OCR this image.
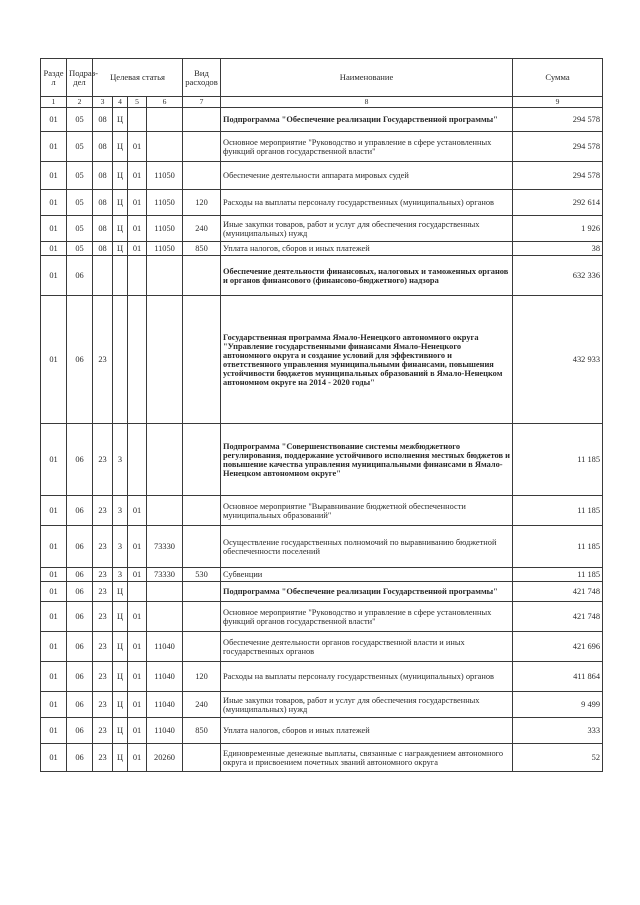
Разде л	Подраз-дел	Целевая статья				Вид расходов	Наименование	Сумма
1	2	3	4	5	6	7	8	9
01	05	08	Ц				Подпрограмма "Обеспечение реализации Государственной программы"	294 578
01	05	08	Ц	01			Основное мероприятие "Руководство и управление в сфере установленных функций органов государственной власти"	294 578
01	05	08	Ц	01	11050		Обеспечение деятельности аппарата мировых судей	294 578
01	05	08	Ц	01	11050	120	Расходы на выплаты персоналу государственных (муниципальных) органов	292 614
01	05	08	Ц	01	11050	240	Иные закупки товаров, работ и услуг для обеспечения государственных (муниципальных) нужд	1 926
01	05	08	Ц	01	11050	850	Уплата налогов, сборов и иных платежей	38
01	06						Обеспечение деятельности финансовых, налоговых и таможенных органов и органов финансового (финансово-бюджетного) надзора	632 336
01	06	23					Государственная программа Ямало-Ненецкого автономного округа "Управление государственными финансами Ямало-Ненецкого автономного округа и создание условий для эффективного и ответственного управления муниципальными финансами, повышения устойчивости бюджетов муниципальных образований в Ямало-Ненецком автономном округе на 2014 - 2020 годы"	432 933
01	06	23	3				Подпрограмма "Совершенствование системы межбюджетного регулирования, поддержание устойчивого исполнения местных бюджетов и повышение качества управления муниципальными финансами в Ямало-Ненецком автономном округе"	11 185
01	06	23	3	01			Основное мероприятие "Выравнивание бюджетной обеспеченности муниципальных образований"	11 185
01	06	23	3	01	73330		Осуществление государственных полномочий по выравниванию бюджетной обеспеченности поселений	11 185
01	06	23	3	01	73330	530	Субвенции	11 185
01	06	23	Ц				Подпрограмма "Обеспечение реализации Государственной программы"	421 748
01	06	23	Ц	01			Основное мероприятие "Руководство и управление в сфере установленных функций органов государственной власти"	421 748
01	06	23	Ц	01	11040		Обеспечение деятельности органов государственной власти и иных государственных органов	421 696
01	06	23	Ц	01	11040	120	Расходы на выплаты персоналу государственных (муниципальных) органов	411 864
01	06	23	Ц	01	11040	240	Иные закупки товаров, работ и услуг для обеспечения государственных (муниципальных) нужд	9 499
01	06	23	Ц	01	11040	850	Уплата налогов, сборов и иных платежей	333
01	06	23	Ц	01	20260		Единовременные денежные выплаты, связанные с награждением автономного округа и присвоением почетных званий автономного округа	52
